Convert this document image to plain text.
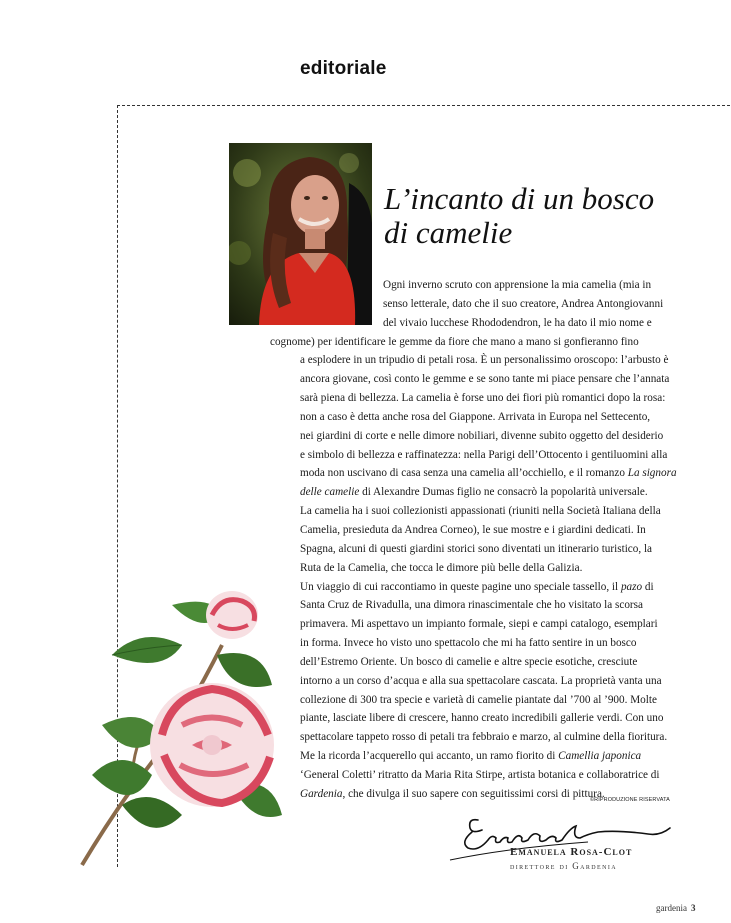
editoriale
L’incanto di un bosco
di camelie
Ogni inverno scruto con apprensione la mia camelia (mia in
senso letterale, dato che il suo creatore, Andrea Antongiovanni
del vivaio lucchese Rhododendron, le ha dato il mio nome e
cognome) per identificare le gemme da fiore che mano a mano si gonfieranno fino
a esplodere in un tripudio di petali rosa. È un personalissimo oroscopo: l’arbusto è
ancora giovane, così conto le gemme e se sono tante mi piace pensare che l’annata
sarà piena di bellezza. La camelia è forse uno dei fiori più romantici dopo la rosa:
non a caso è detta anche rosa del Giappone. Arrivata in Europa nel Settecento,
nei giardini di corte e nelle dimore nobiliari, divenne subito oggetto del desiderio
e simbolo di bellezza e raffinatezza: nella Parigi dell’Ottocento i gentiluomini alla
moda non uscivano di casa senza una camelia all’occhiello, e il romanzo La signora
delle camelie di Alexandre Dumas figlio ne consacrò la popolarità universale.
La camelia ha i suoi collezionisti appassionati (riuniti nella Società Italiana della
Camelia, presieduta da Andrea Corneo), le sue mostre e i giardini dedicati. In
Spagna, alcuni di questi giardini storici sono diventati un itinerario turistico, la
Ruta de la Camelia, che tocca le dimore più belle della Galizia.
Un viaggio di cui raccontiamo in queste pagine uno speciale tassello, il pazo di
Santa Cruz de Rivadulla, una dimora rinascimentale che ho visitato la scorsa
primavera. Mi aspettavo un impianto formale, siepi e campi catalogo, esemplari
in forma. Invece ho visto uno spettacolo che mi ha fatto sentire in un bosco
dell’Estremo Oriente. Un bosco di camelie e altre specie esotiche, cresciute
intorno a un corso d’acqua e alla sua spettacolare cascata. La proprietà vanta una
collezione di 300 tra specie e varietà di camelie piantate dal ’700 al ’900. Molte
piante, lasciate libere di crescere, hanno creato incredibili gallerie verdi. Con uno
spettacolare tappeto rosso di petali tra febbraio e marzo, al culmine della fioritura.
Me la ricorda l’acquerello qui accanto, un ramo fiorito di Camellia japonica
‘General Coletti’ ritratto da Maria Rita Stirpe, artista botanica e collaboratrice di
Gardenia, che divulga il suo sapere con seguitissimi corsi di pittura.
©RIPRODUZIONE RISERVATA
Emanuela Rosa-Clot
direttore di Gardenia
gardenia 3
